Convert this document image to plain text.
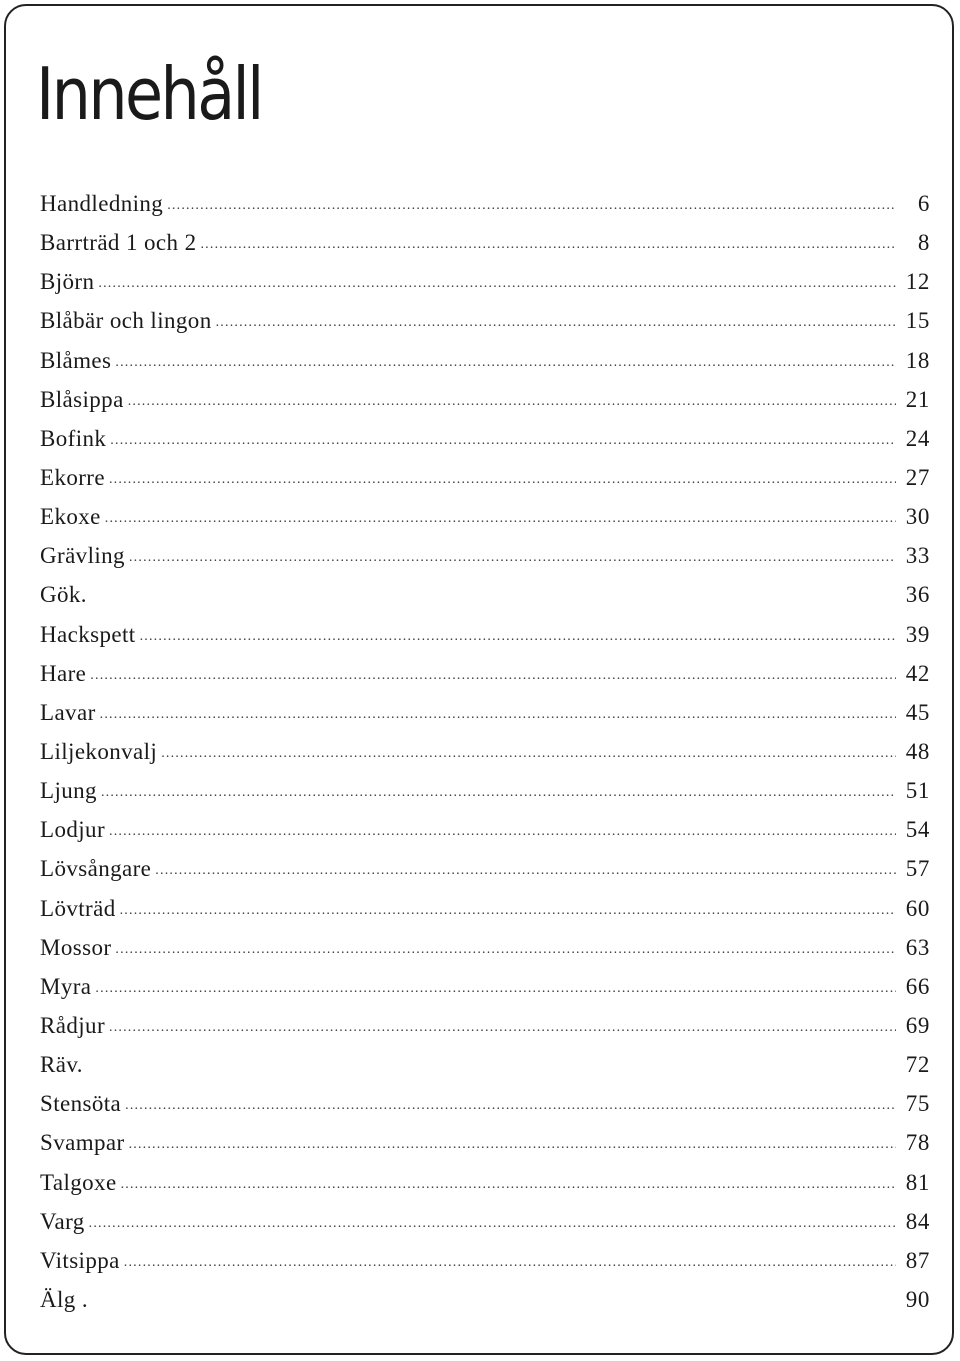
Innehåll
Handledning .....	6
Barrträd 1 och 2 .....	8
Björn .....	12
Blåbär och lingon .....	15
Blåmes .....	18
Blåsippa .....	21
Bofink .....	24
Ekorre .....	27
Ekoxe .....	30
Grävling .....	33
Gök.	36
Hackspett .....	39
Hare .....	42
Lavar .....	45
Liljekonvalj .....	48
Ljung .....	51
Lodjur .....	54
Lövsångare .....	57
Lövträd .....	60
Mossor .....	63
Myra .....	66
Rådjur .....	69
Räv.	72
Stensöta .....	75
Svampar .....	78
Talgoxe .....	81
Varg .....	84
Vitsippa .....	87
Älg .	90
